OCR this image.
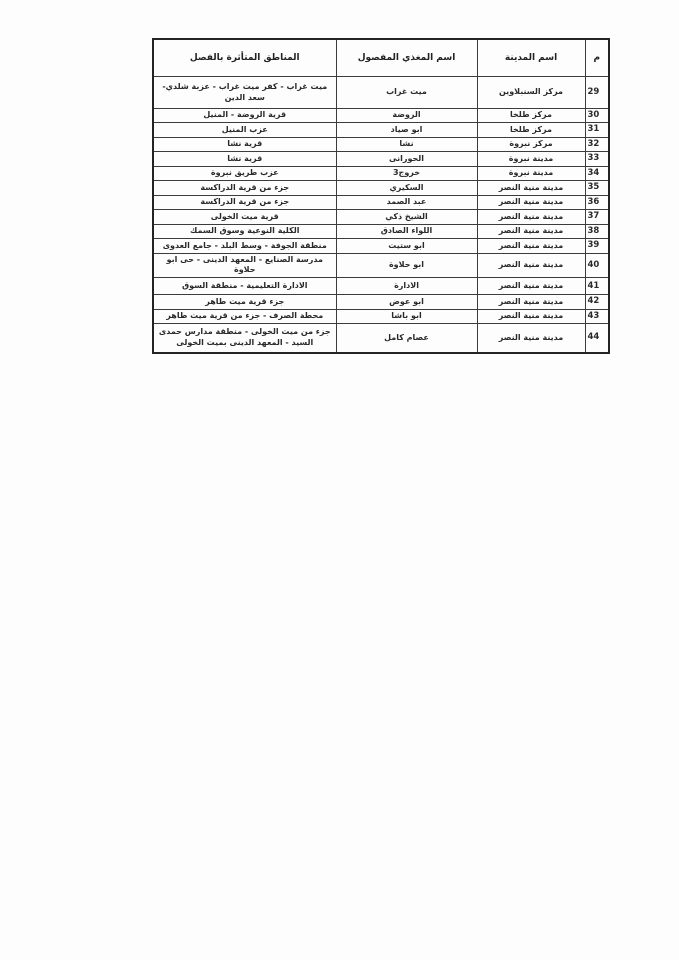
م	اسم المدينة	اسم المغذي المفصول	المناطق المتأثرة بالفصل
29	مركز السنبلاوين	ميت غراب	ميت غراب - كفر ميت غراب - عزبة شلدي- سعد الدين
30	مركز طلخا	الروضة	قرية الروضة - المنيل
31	مركز طلخا	ابو صياد	عزب المنيل
32	مركز نبروة	نشا	قرية نشا
33	مدينة نبروة	الحورانى	قرية نشا
34	مدينة نبروة	خروج3	عزب طريق نبروة
35	مدينة منية النصر	السكيري	جزء من قرية الدراكسة
36	مدينة منية النصر	عبد الصمد	جزء من قرية الدراكسة
37	مدينة منية النصر	الشيخ ذكي	قرية ميت الخولى
38	مدينة منية النصر	اللواء الصادق	الكلية النوعية وسوق السمك
39	مدينة منية النصر	ابو ستيت	منطقة الجوفة - وسط البلد - جامع العدوى
40	مدينة منية النصر	ابو حلاوة	مدرسة الصنايع - المعهد الدينى - حى ابو حلاوة
41	مدينة منية النصر	الادارة	الادارة التعليمية - منطقة السوق
42	مدينة منية النصر	ابو عوض	جزء قرية ميت طاهر
43	مدينة منية النصر	ابو باشا	محطة الصرف - جزء من قرية ميت طاهر
44	مدينة منية النصر	عصام كامل	جزء من ميت الخولى - منطقة مدارس حمدى السيد - المعهد الدينى بميت الخولى
